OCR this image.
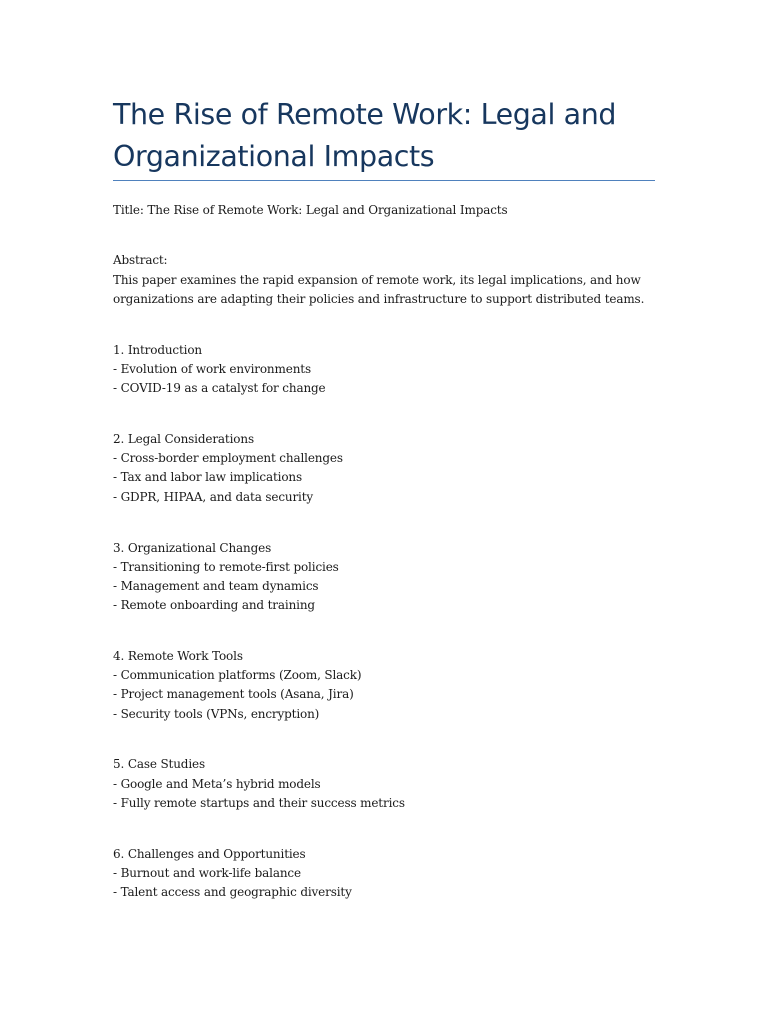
The Rise of Remote Work: Legal and Organizational Impacts

Title: The Rise of Remote Work: Legal and Organizational Impacts

Abstract:

This paper examines the rapid expansion of remote work, its legal implications, and how

organizations are adapting their policies and infrastructure to support distributed teams.

1. Introduction

- Evolution of work environments

- COVID-19 as a catalyst for change

2. Legal Considerations

- Cross-border employment challenges

- Tax and labor law implications

- GDPR, HIPAA, and data security

3. Organizational Changes

- Transitioning to remote-first policies

- Management and team dynamics

- Remote onboarding and training

4. Remote Work Tools

- Communication platforms (Zoom, Slack)

- Project management tools (Asana, Jira)

- Security tools (VPNs, encryption)

5. Case Studies

- Google and Meta’s hybrid models

- Fully remote startups and their success metrics

6. Challenges and Opportunities

- Burnout and work-life balance

- Talent access and geographic diversity
